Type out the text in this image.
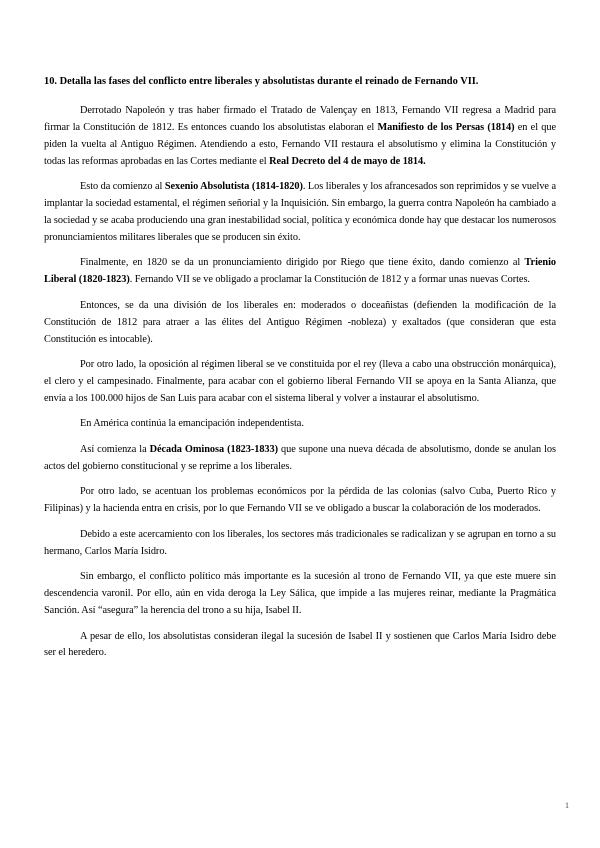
10. Detalla las fases del conflicto entre liberales y absolutistas durante el reinado de Fernando VII.

Derrotado Napoleón y tras haber firmado el Tratado de Valençay en 1813, Fernando VII regresa a Madrid para firmar la Constitución de 1812. Es entonces cuando los absolutistas elaboran el Manifiesto de los Persas (1814) en el que piden la vuelta al Antiguo Régimen. Atendiendo a esto, Fernando VII restaura el absolutismo y elimina la Constitución y todas las reformas aprobadas en las Cortes mediante el Real Decreto del 4 de mayo de 1814.

Esto da comienzo al Sexenio Absolutista (1814-1820). Los liberales y los afrancesados son reprimidos y se vuelve a implantar la sociedad estamental, el régimen señorial y la Inquisición. Sin embargo, la guerra contra Napoleón ha cambiado a la sociedad y se acaba produciendo una gran inestabilidad social, política y económica donde hay que destacar los numerosos pronunciamientos militares liberales que se producen sin éxito.

Finalmente, en 1820 se da un pronunciamiento dirigido por Riego que tiene éxito, dando comienzo al Trienio Liberal (1820-1823). Fernando VII se ve obligado a proclamar la Constitución de 1812 y a formar unas nuevas Cortes.

Entonces, se da una división de los liberales en: moderados o doceañistas (defienden la modificación de la Constitución de 1812 para atraer a las élites del Antiguo Régimen -nobleza) y exaltados (que consideran que esta Constitución es intocable).

Por otro lado, la oposición al régimen liberal se ve constituida por el rey (lleva a cabo una obstrucción monárquica), el clero y el campesinado. Finalmente, para acabar con el gobierno liberal Fernando VII se apoya en la Santa Alianza, que envía a los 100.000 hijos de San Luis para acabar con el sistema liberal y volver a instaurar el absolutismo.

En América continúa la emancipación independentista.

Así comienza la Década Ominosa (1823-1833) que supone una nueva década de absolutismo, donde se anulan los actos del gobierno constitucional y se reprime a los liberales.

Por otro lado, se acentuan los problemas económicos por la pérdida de las colonias (salvo Cuba, Puerto Rico y Filipinas) y la hacienda entra en crisis, por lo que Fernando VII se ve obligado a buscar la colaboración de los moderados.

Debido a este acercamiento con los liberales, los sectores más tradicionales se radicalizan y se agrupan en torno a su hermano, Carlos María Isidro.

Sin embargo, el conflicto político más importante es la sucesión al trono de Fernando VII, ya que este muere sin descendencia varonil. Por ello, aún en vida deroga la Ley Sálica, que impide a las mujeres reinar, mediante la Pragmática Sanción. Así “asegura” la herencia del trono a su hija, Isabel II.

A pesar de ello, los absolutistas consideran ilegal la sucesión de Isabel II y sostienen que Carlos María Isidro debe ser el heredero.

1
